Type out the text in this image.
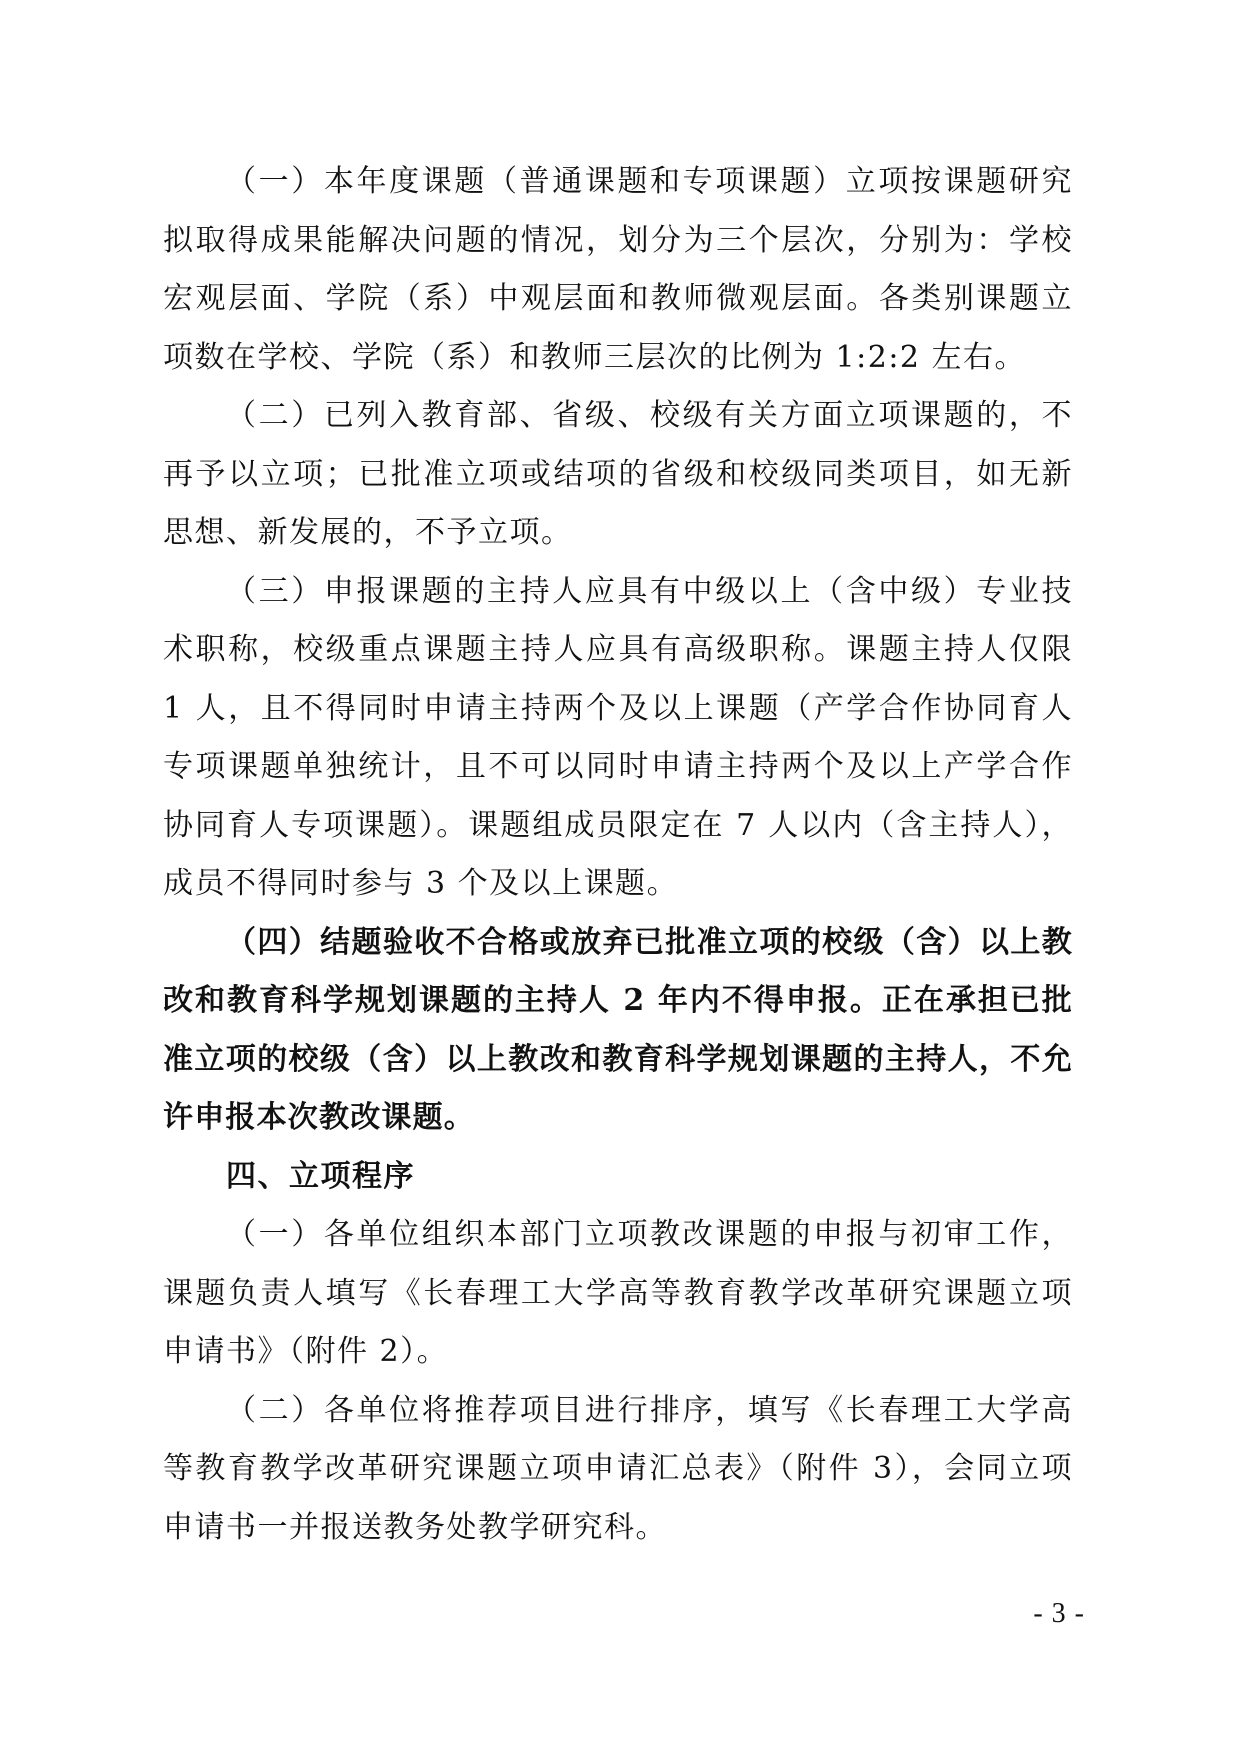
（一）本年度课题（普通课题和专项课题）立项按课题研究拟取得成果能解决问题的情况，划分为三个层次，分别为：学校宏观层面、学院（系）中观层面和教师微观层面。各类别课题立项数在学校、学院（系）和教师三层次的比例为 1:2:2 左右。

（二）已列入教育部、省级、校级有关方面立项课题的，不再予以立项；已批准立项或结项的省级和校级同类项目，如无新思想、新发展的，不予立项。

（三）申报课题的主持人应具有中级以上（含中级）专业技术职称，校级重点课题主持人应具有高级职称。课题主持人仅限 1 人，且不得同时申请主持两个及以上课题（产学合作协同育人专项课题单独统计，且不可以同时申请主持两个及以上产学合作协同育人专项课题）。课题组成员限定在 7 人以内（含主持人），成员不得同时参与 3 个及以上课题。

（四）结题验收不合格或放弃已批准立项的校级（含）以上教改和教育科学规划课题的主持人 2 年内不得申报。正在承担已批准立项的校级（含）以上教改和教育科学规划课题的主持人，不允许申报本次教改课题。

四、立项程序

（一）各单位组织本部门立项教改课题的申报与初审工作，课题负责人填写《长春理工大学高等教育教学改革研究课题立项申请书》（附件 2）。

（二）各单位将推荐项目进行排序，填写《长春理工大学高等教育教学改革研究课题立项申请汇总表》（附件 3），会同立项申请书一并报送教务处教学研究科。

- 3 -
